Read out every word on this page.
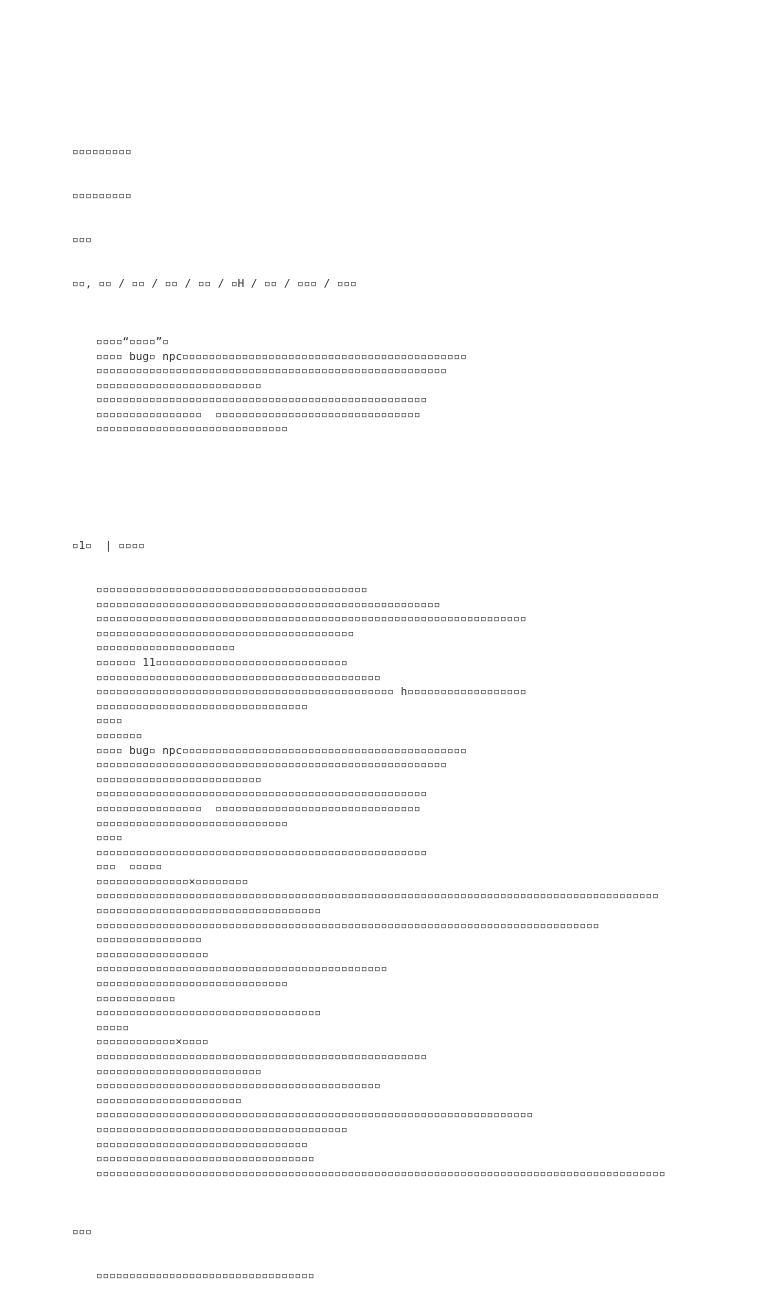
▫▫▫▫▫▫▫▫▫

▫▫▫▫▫▫▫▫▫

▫▫▫

▫▫, ▫▫ / ▫▫ / ▫▫ / ▫▫ / ▫H / ▫▫ / ▫▫▫ / ▫▫▫

▫▫▫▫“▫▫▫▫”▫
▫▫▫▫ bug▫ npc▫▫▫▫▫▫▫▫▫▫▫▫▫▫▫▫▫▫▫▫▫▫▫▫▫▫▫▫▫▫▫▫▫▫▫▫▫▫▫▫▫▫▫
▫▫▫▫▫▫▫▫▫▫▫▫▫▫▫▫▫▫▫▫▫▫▫▫▫▫▫▫▫▫▫▫▫▫▫▫▫▫▫▫▫▫▫▫▫▫▫▫▫▫▫▫▫
▫▫▫▫▫▫▫▫▫▫▫▫▫▫▫▫▫▫▫▫▫▫▫▫▫
▫▫▫▫▫▫▫▫▫▫▫▫▫▫▫▫▫▫▫▫▫▫▫▫▫▫▫▫▫▫▫▫▫▫▫▫▫▫▫▫▫▫▫▫▫▫▫▫▫▫
▫▫▫▫▫▫▫▫▫▫▫▫▫▫▫▫  ▫▫▫▫▫▫▫▫▫▫▫▫▫▫▫▫▫▫▫▫▫▫▫▫▫▫▫▫▫▫▫
▫▫▫▫▫▫▫▫▫▫▫▫▫▫▫▫▫▫▫▫▫▫▫▫▫▫▫▫▫

▫1▫  | ▫▫▫▫

▫▫▫▫▫▫▫▫▫▫▫▫▫▫▫▫▫▫▫▫▫▫▫▫▫▫▫▫▫▫▫▫▫▫▫▫▫▫▫▫▫
▫▫▫▫▫▫▫▫▫▫▫▫▫▫▫▫▫▫▫▫▫▫▫▫▫▫▫▫▫▫▫▫▫▫▫▫▫▫▫▫▫▫▫▫▫▫▫▫▫▫▫▫
▫▫▫▫▫▫▫▫▫▫▫▫▫▫▫▫▫▫▫▫▫▫▫▫▫▫▫▫▫▫▫▫▫▫▫▫▫▫▫▫▫▫▫▫▫▫▫▫▫▫▫▫▫▫▫▫▫▫▫▫▫▫▫▫▫
▫▫▫▫▫▫▫▫▫▫▫▫▫▫▫▫▫▫▫▫▫▫▫▫▫▫▫▫▫▫▫▫▫▫▫▫▫▫▫
▫▫▫▫▫▫▫▫▫▫▫▫▫▫▫▫▫▫▫▫▫
▫▫▫▫▫▫ 11▫▫▫▫▫▫▫▫▫▫▫▫▫▫▫▫▫▫▫▫▫▫▫▫▫▫▫▫▫
▫▫▫▫▫▫▫▫▫▫▫▫▫▫▫▫▫▫▫▫▫▫▫▫▫▫▫▫▫▫▫▫▫▫▫▫▫▫▫▫▫▫▫
▫▫▫▫▫▫▫▫▫▫▫▫▫▫▫▫▫▫▫▫▫▫▫▫▫▫▫▫▫▫▫▫▫▫▫▫▫▫▫▫▫▫▫▫▫ h▫▫▫▫▫▫▫▫▫▫▫▫▫▫▫▫▫▫
▫▫▫▫▫▫▫▫▫▫▫▫▫▫▫▫▫▫▫▫▫▫▫▫▫▫▫▫▫▫▫▫
▫▫▫▫
▫▫▫▫▫▫▫
▫▫▫▫ bug▫ npc▫▫▫▫▫▫▫▫▫▫▫▫▫▫▫▫▫▫▫▫▫▫▫▫▫▫▫▫▫▫▫▫▫▫▫▫▫▫▫▫▫▫▫
▫▫▫▫▫▫▫▫▫▫▫▫▫▫▫▫▫▫▫▫▫▫▫▫▫▫▫▫▫▫▫▫▫▫▫▫▫▫▫▫▫▫▫▫▫▫▫▫▫▫▫▫▫
▫▫▫▫▫▫▫▫▫▫▫▫▫▫▫▫▫▫▫▫▫▫▫▫▫
▫▫▫▫▫▫▫▫▫▫▫▫▫▫▫▫▫▫▫▫▫▫▫▫▫▫▫▫▫▫▫▫▫▫▫▫▫▫▫▫▫▫▫▫▫▫▫▫▫▫
▫▫▫▫▫▫▫▫▫▫▫▫▫▫▫▫  ▫▫▫▫▫▫▫▫▫▫▫▫▫▫▫▫▫▫▫▫▫▫▫▫▫▫▫▫▫▫▫
▫▫▫▫▫▫▫▫▫▫▫▫▫▫▫▫▫▫▫▫▫▫▫▫▫▫▫▫▫
▫▫▫▫
▫▫▫▫▫▫▫▫▫▫▫▫▫▫▫▫▫▫▫▫▫▫▫▫▫▫▫▫▫▫▫▫▫▫▫▫▫▫▫▫▫▫▫▫▫▫▫▫▫▫
▫▫▫  ▫▫▫▫▫
▫▫▫▫▫▫▫▫▫▫▫▫▫▫×▫▫▫▫▫▫▫▫
▫▫▫▫▫▫▫▫▫▫▫▫▫▫▫▫▫▫▫▫▫▫▫▫▫▫▫▫▫▫▫▫▫▫▫▫▫▫▫▫▫▫▫▫▫▫▫▫▫▫▫▫▫▫▫▫▫▫▫▫▫▫▫▫▫▫▫▫▫▫▫▫▫▫▫▫▫▫▫▫▫▫▫▫▫
▫▫▫▫▫▫▫▫▫▫▫▫▫▫▫▫▫▫▫▫▫▫▫▫▫▫▫▫▫▫▫▫▫▫
▫▫▫▫▫▫▫▫▫▫▫▫▫▫▫▫▫▫▫▫▫▫▫▫▫▫▫▫▫▫▫▫▫▫▫▫▫▫▫▫▫▫▫▫▫▫▫▫▫▫▫▫▫▫▫▫▫▫▫▫▫▫▫▫▫▫▫▫▫▫▫▫▫▫▫▫
▫▫▫▫▫▫▫▫▫▫▫▫▫▫▫▫
▫▫▫▫▫▫▫▫▫▫▫▫▫▫▫▫▫
▫▫▫▫▫▫▫▫▫▫▫▫▫▫▫▫▫▫▫▫▫▫▫▫▫▫▫▫▫▫▫▫▫▫▫▫▫▫▫▫▫▫▫▫
▫▫▫▫▫▫▫▫▫▫▫▫▫▫▫▫▫▫▫▫▫▫▫▫▫▫▫▫▫
▫▫▫▫▫▫▫▫▫▫▫▫
▫▫▫▫▫▫▫▫▫▫▫▫▫▫▫▫▫▫▫▫▫▫▫▫▫▫▫▫▫▫▫▫▫▫
▫▫▫▫▫
▫▫▫▫▫▫▫▫▫▫▫▫×▫▫▫▫
▫▫▫▫▫▫▫▫▫▫▫▫▫▫▫▫▫▫▫▫▫▫▫▫▫▫▫▫▫▫▫▫▫▫▫▫▫▫▫▫▫▫▫▫▫▫▫▫▫▫
▫▫▫▫▫▫▫▫▫▫▫▫▫▫▫▫▫▫▫▫▫▫▫▫▫
▫▫▫▫▫▫▫▫▫▫▫▫▫▫▫▫▫▫▫▫▫▫▫▫▫▫▫▫▫▫▫▫▫▫▫▫▫▫▫▫▫▫▫
▫▫▫▫▫▫▫▫▫▫▫▫▫▫▫▫▫▫▫▫▫▫
▫▫▫▫▫▫▫▫▫▫▫▫▫▫▫▫▫▫▫▫▫▫▫▫▫▫▫▫▫▫▫▫▫▫▫▫▫▫▫▫▫▫▫▫▫▫▫▫▫▫▫▫▫▫▫▫▫▫▫▫▫▫▫▫▫▫
▫▫▫▫▫▫▫▫▫▫▫▫▫▫▫▫▫▫▫▫▫▫▫▫▫▫▫▫▫▫▫▫▫▫▫▫▫▫
▫▫▫▫▫▫▫▫▫▫▫▫▫▫▫▫▫▫▫▫▫▫▫▫▫▫▫▫▫▫▫▫
▫▫▫▫▫▫▫▫▫▫▫▫▫▫▫▫▫▫▫▫▫▫▫▫▫▫▫▫▫▫▫▫▫
▫▫▫▫▫▫▫▫▫▫▫▫▫▫▫▫▫▫▫▫▫▫▫▫▫▫▫▫▫▫▫▫▫▫▫▫▫▫▫▫▫▫▫▫▫▫▫▫▫▫▫▫▫▫▫▫▫▫▫▫▫▫▫▫▫▫▫▫▫▫▫▫▫▫▫▫▫▫▫▫▫▫▫▫▫▫

▫▫▫

▫▫▫▫▫▫▫▫▫▫▫▫▫▫▫▫▫▫▫▫▫▫▫▫▫▫▫▫▫▫▫▫▫
